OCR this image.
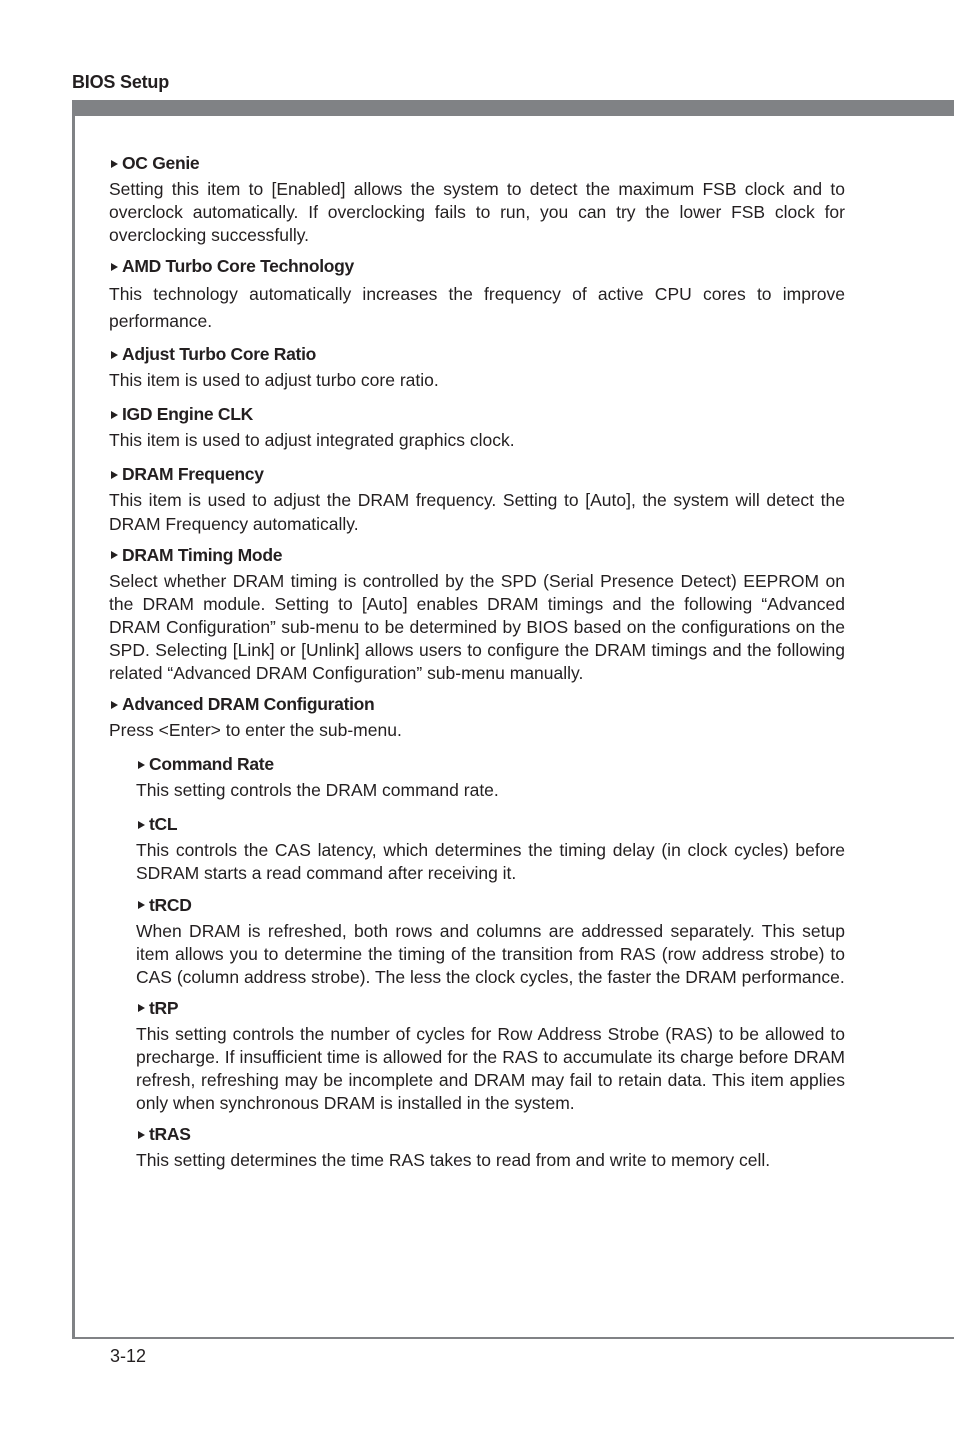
BIOS Setup
3-12

OC Genie

Setting this item to [Enabled] allows the system to detect the maximum FSB clock and to overclock automatically. If overclocking fails to run, you can try the lower FSB clock for overclocking successfully.

AMD Turbo Core Technology

This technology automatically increases the frequency of active CPU cores to improve performance.

Adjust Turbo Core Ratio

This item is used to adjust turbo core ratio.

IGD Engine CLK

This item is used to adjust integrated graphics clock.

DRAM Frequency

This item is used to adjust the DRAM frequency. Setting to [Auto], the system will detect the DRAM Frequency automatically.

DRAM Timing Mode

Select whether DRAM timing is controlled by the SPD (Serial Presence Detect) EEPROM on the DRAM module. Setting to [Auto] enables DRAM timings and the following “Advanced DRAM Configuration” sub-menu to be determined by BIOS based on the configurations on the SPD. Selecting [Link] or [Unlink] allows users to configure the DRAM timings and the following related “Advanced DRAM Configuration” sub-menu manually.

Advanced DRAM Configuration

Press <Enter> to enter the sub-menu.

Command Rate

This setting controls the DRAM command rate.

tCL

This controls the CAS latency, which determines the timing delay (in clock cycles) before SDRAM starts a read command after receiving it.

tRCD

When DRAM is refreshed, both rows and columns are addressed separately. This setup item allows you to determine the timing of the transition from RAS (row address strobe) to CAS (column address strobe). The less the clock cycles, the faster the DRAM performance.

tRP

This setting controls the number of cycles for Row Address Strobe (RAS) to be allowed to precharge. If insufficient time is allowed for the RAS to accumulate its charge before DRAM refresh, refreshing may be incomplete and DRAM may fail to retain data. This item applies only when synchronous DRAM is installed in the system.

tRAS

This setting determines the time RAS takes to read from and write to memory cell.
